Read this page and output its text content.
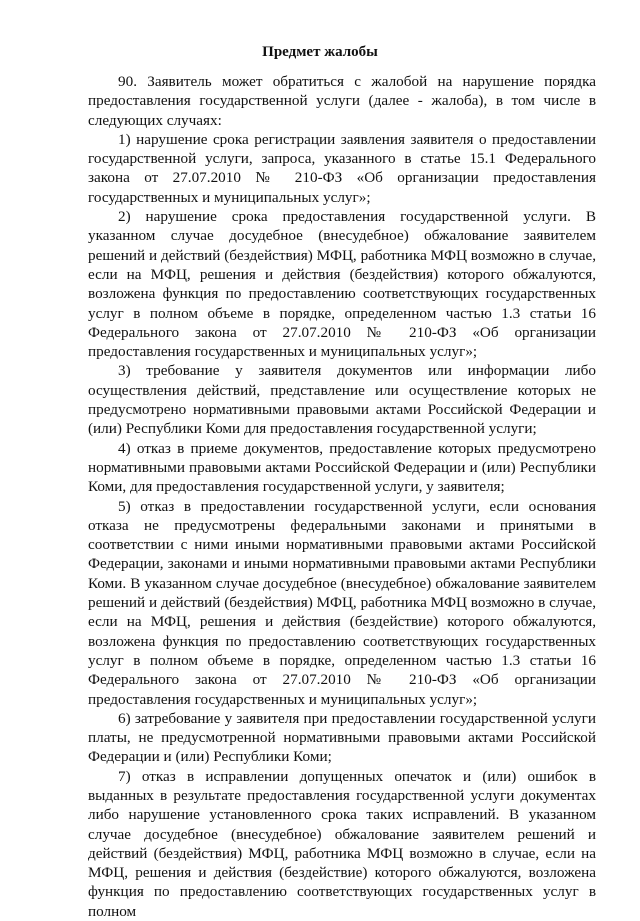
Предмет жалобы

90. Заявитель может обратиться с жалобой на нарушение порядка предоставления государственной услуги (далее - жалоба), в том числе в следующих случаях:

1) нарушение срока регистрации заявления заявителя о предоставлении государственной услуги, запроса, указанного в статье 15.1 Федерального закона от 27.07.2010 № 210-ФЗ «Об организации предоставления государственных и муниципальных услуг»;

2) нарушение срока предоставления государственной услуги. В указанном случае досудебное (внесудебное) обжалование заявителем решений и действий (бездействия) МФЦ, работника МФЦ возможно в случае, если на МФЦ, решения и действия (бездействия) которого обжалуются, возложена функция по предоставлению соответствующих государственных услуг в полном объеме в порядке, определенном частью 1.3 статьи 16 Федерального закона от 27.07.2010 № 210-ФЗ «Об организации предоставления государственных и муниципальных услуг»;

3) требование у заявителя документов или информации либо осуществления действий, представление или осуществление которых не предусмотрено нормативными правовыми актами Российской Федерации и (или) Республики Коми для предоставления государственной услуги;

4) отказ в приеме документов, предоставление которых предусмотрено нормативными правовыми актами Российской Федерации и (или) Республики Коми, для предоставления государственной услуги, у заявителя;

5) отказ в предоставлении государственной услуги, если основания отказа не предусмотрены федеральными законами и принятыми в соответствии с ними иными нормативными правовыми актами Российской Федерации, законами и иными нормативными правовыми актами Республики Коми. В указанном случае досудебное (внесудебное) обжалование заявителем решений и действий (бездействия) МФЦ, работника МФЦ возможно в случае, если на МФЦ, решения и действия (бездействие) которого обжалуются, возложена функция по предоставлению соответствующих государственных услуг в полном объеме в порядке, определенном частью 1.3 статьи 16 Федерального закона от 27.07.2010 № 210-ФЗ «Об организации предоставления государственных и муниципальных услуг»;

6) затребование у заявителя при предоставлении государственной услуги платы, не предусмотренной нормативными правовыми актами Российской Федерации и (или) Республики Коми;

7) отказ в исправлении допущенных опечаток и (или) ошибок в выданных в результате предоставления государственной услуги документах либо нарушение установленного срока таких исправлений. В указанном случае досудебное (внесудебное) обжалование заявителем решений и действий (бездействия) МФЦ, работника МФЦ возможно в случае, если на МФЦ, решения и действия (бездействие) которого обжалуются, возложена функция по предоставлению соответствующих государственных услуг в полном
